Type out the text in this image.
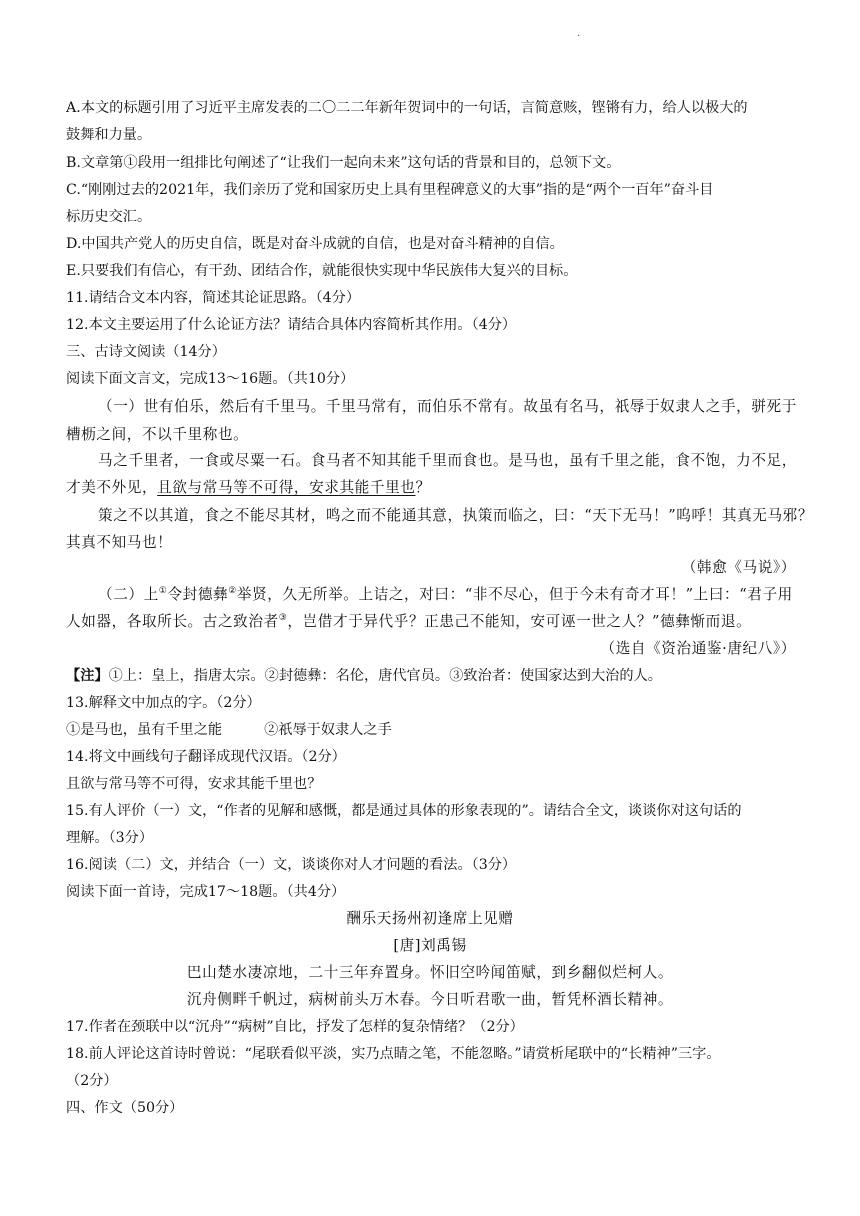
.
A.本文的标题引用了习近平主席发表的二〇二二年新年贺词中的一句话，言简意赅，铿锵有力，给人以极大的
鼓舞和力量。
B.文章第①段用一组排比句阐述了“让我们一起向未来”这句话的背景和目的，总领下文。
C.“刚刚过去的2021年，我们亲历了党和国家历史上具有里程碑意义的大事”指的是“两个一百年”奋斗目
标历史交汇。
D.中国共产党人的历史自信，既是对奋斗成就的自信，也是对奋斗精神的自信。
E.只要我们有信心，有干劲、团结合作，就能很快实现中华民族伟大复兴的目标。
11.请结合文本内容，简述其论证思路。（4分）
12.本文主要运用了什么论证方法？请结合具体内容简析其作用。（4分）
三、古诗文阅读（14分）
阅读下面文言文，完成13～16题。（共10分）
（一）世有伯乐，然后有千里马。千里马常有，而伯乐不常有。故虽有名马，祇辱于奴隶人之手，骈死于
槽枥之间，不以千里称也。
马之千里者，一食或尽粟一石。食马者不知其能千里而食也。是马也，虽有千里之能，食不饱，力不足，
才美不外见，且欲与常马等不可得，安求其能千里也？
策之不以其道，食之不能尽其材，鸣之而不能通其意，执策而临之，曰：“天下无马！”呜呼！其真无马邪？
其真不知马也！
（韩愈《马说》）
（二）上①令封德彝②举贤，久无所举。上诘之，对曰：“非不尽心，但于今未有奇才耳！”上曰：“君子用
人如器，各取所长。古之致治者③，岂借才于异代乎？正患己不能知，安可诬一世之人？”德彝惭而退。
（选自《资治通鉴·唐纪八》）
【注】①上：皇上，指唐太宗。②封德彝：名伦，唐代官员。③致治者：使国家达到大治的人。
13.解释文中加点的字。（2分）
①是马也，虽有千里之能	②祇辱于奴隶人之手
14.将文中画线句子翻译成现代汉语。（2分）
且欲与常马等不可得，安求其能千里也？
15.有人评价（一）文，“作者的见解和感慨，都是通过具体的形象表现的”。请结合全文，谈谈你对这句话的
理解。（3分）
16.阅读（二）文，并结合（一）文，谈谈你对人才问题的看法。（3分）
阅读下面一首诗，完成17～18题。（共4分）
酬乐天扬州初逢席上见赠
[唐]刘禹锡
巴山楚水凄凉地，二十三年弃置身。怀旧空吟闻笛赋，到乡翻似烂柯人。
沉舟侧畔千帆过，病树前头万木春。今日听君歌一曲，暂凭杯酒长精神。
17.作者在颈联中以“沉舟”“病树”自比，抒发了怎样的复杂情绪？（2分）
18.前人评论这首诗时曾说：“尾联看似平淡，实乃点睛之笔，不能忽略。”请赏析尾联中的“长精神”三字。
（2分）
四、作文（50分）
